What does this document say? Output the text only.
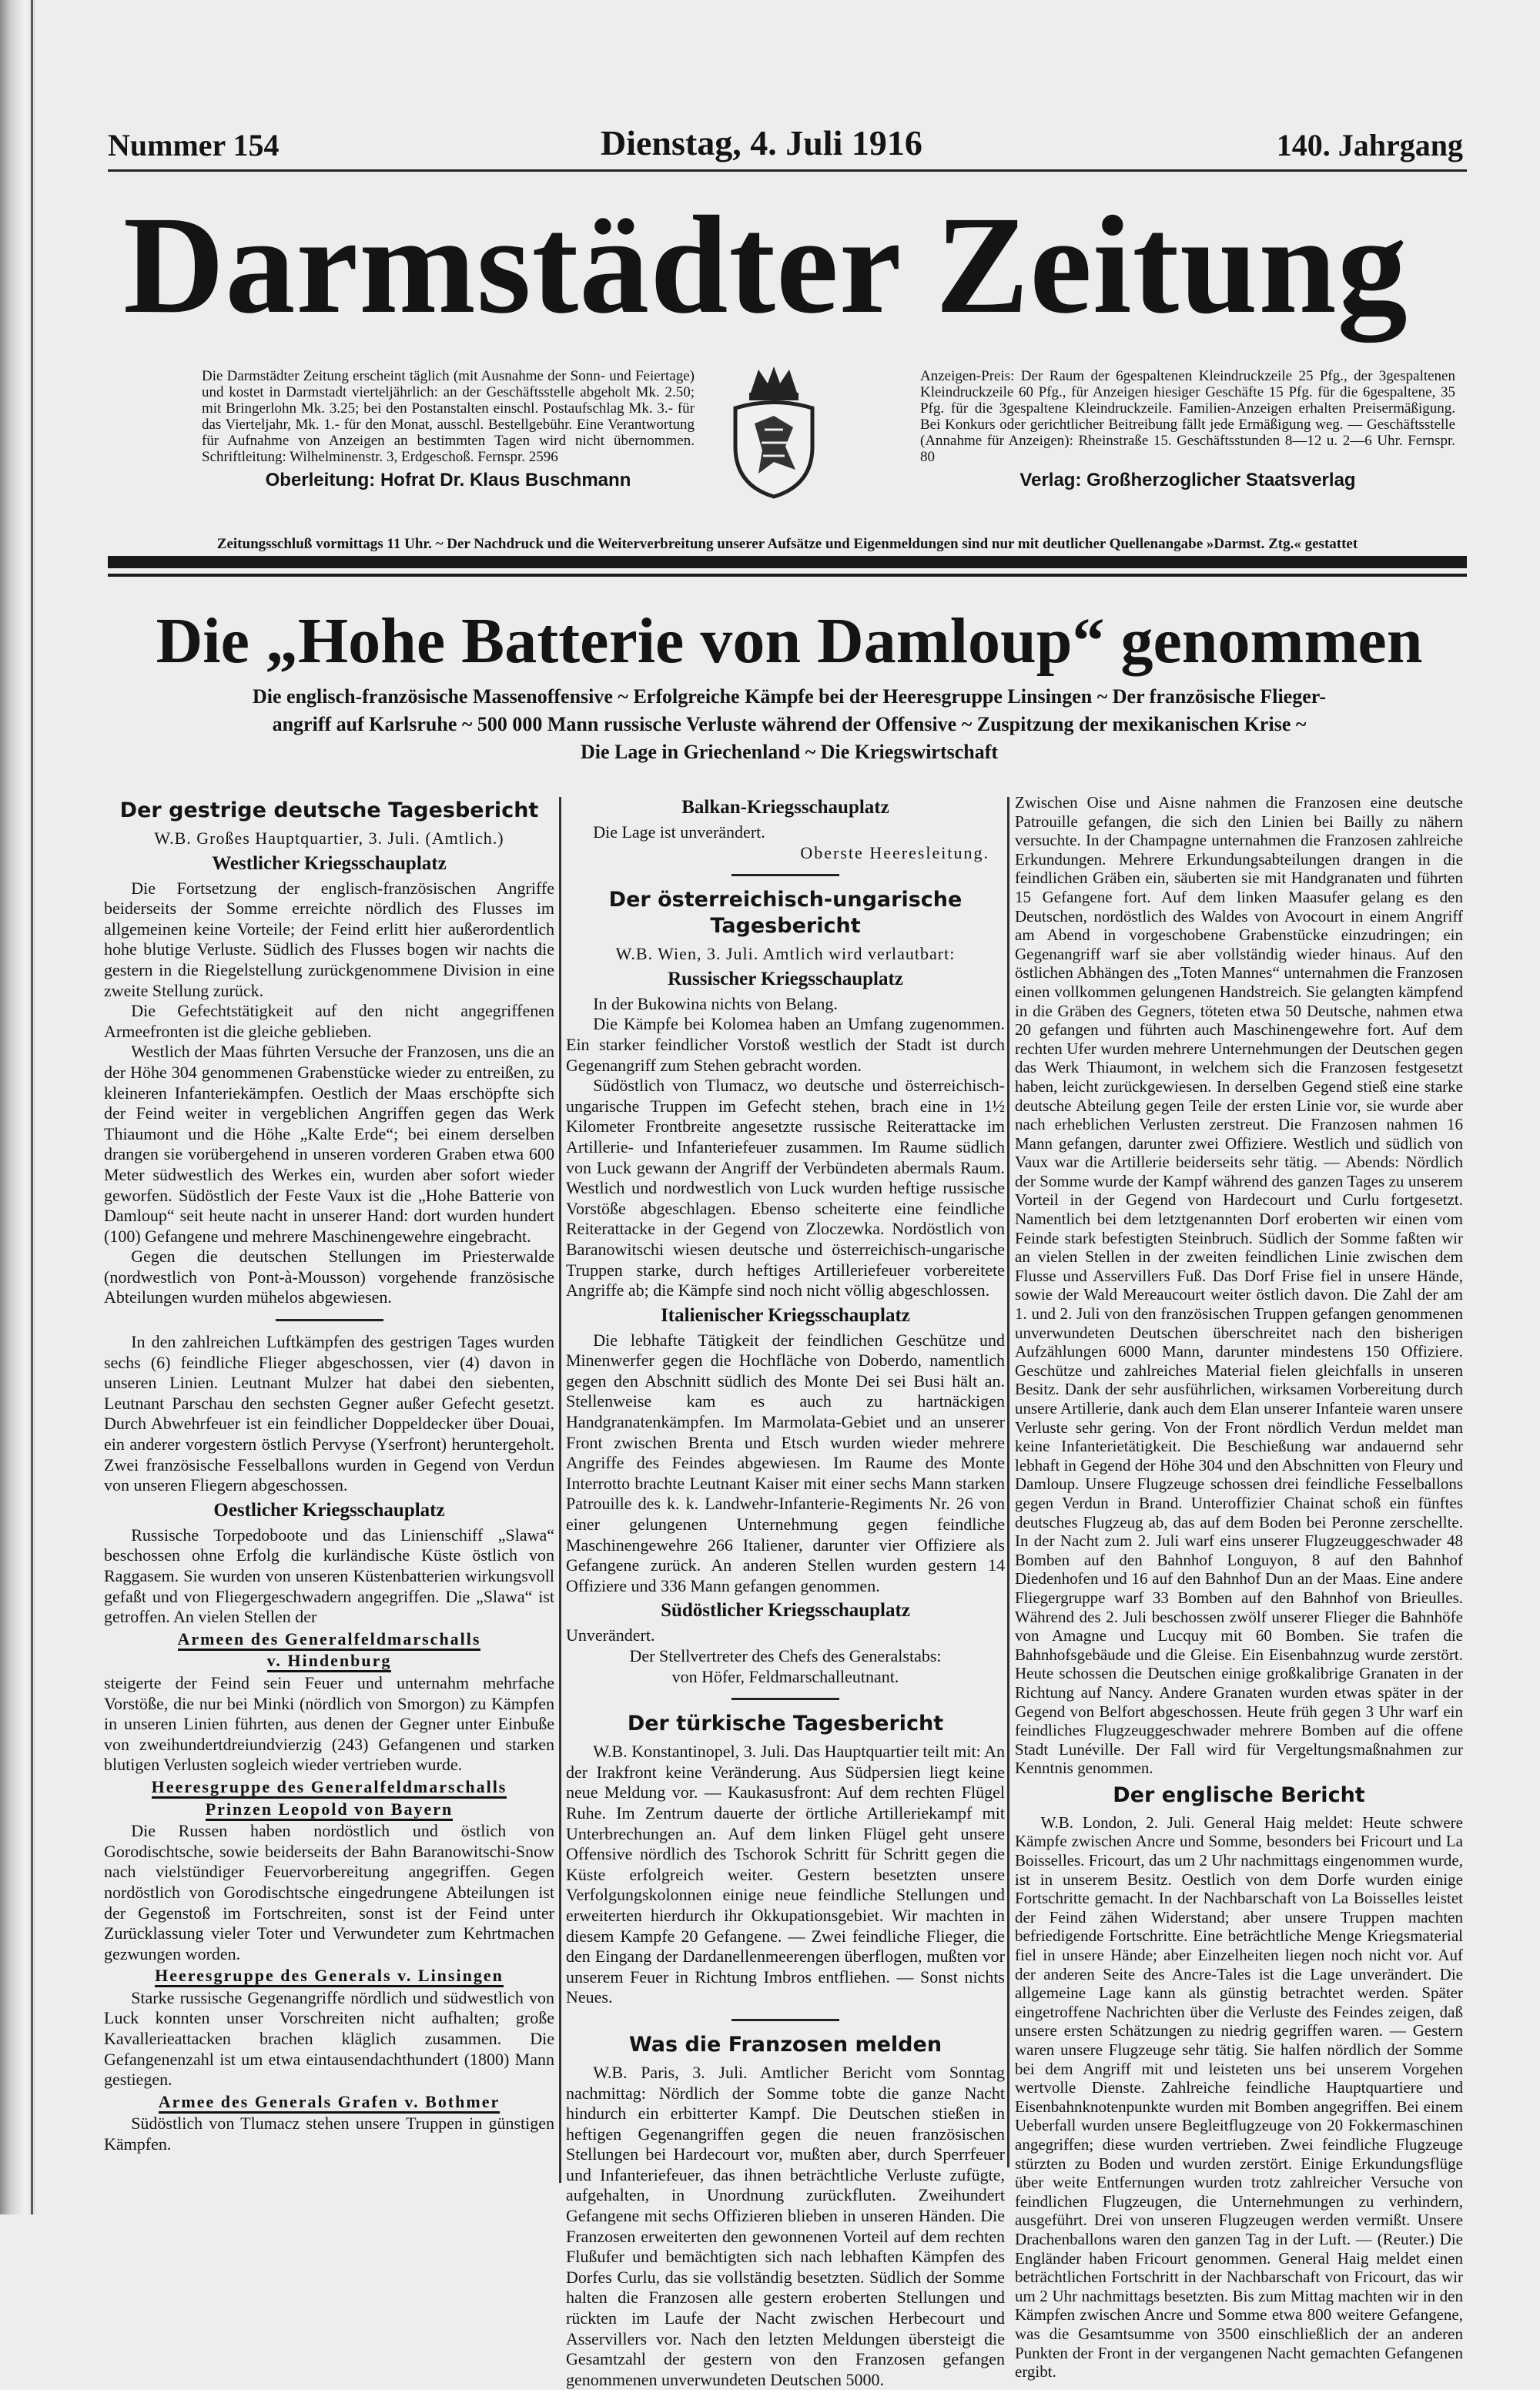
Nummer 154	Dienstag, 4. Juli 1916	140. Jahrgang
Darmstädter Zeitung
Die Darmstädter Zeitung erscheint täglich (mit Ausnahme der Sonn- und Feiertage) und kostet in Darmstadt vierteljährlich: an der Geschäftsstelle abgeholt Mk. 2.50; mit Bringerlohn Mk. 3.25; bei den Postanstalten einschl. Postaufschlag Mk. 3.- für das Vierteljahr, Mk. 1.- für den Monat, ausschl. Bestellgebühr. Eine Verantwortung für Aufnahme von Anzeigen an bestimmten Tagen wird nicht übernommen. Schriftleitung: Wilhelminenstr. 3, Erdgeschoß. Fernspr. 2596
Oberleitung: Hofrat Dr. Klaus Buschmann
Anzeigen-Preis: Der Raum der 6gespaltenen Kleindruckzeile 25 Pfg., der 3gespaltenen Kleindruckzeile 60 Pfg., für Anzeigen hiesiger Geschäfte 15 Pfg. für die 6gespaltene, 35 Pfg. für die 3gespaltene Kleindruckzeile. Familien-Anzeigen erhalten Preisermäßigung. Bei Konkurs oder gerichtlicher Beitreibung fällt jede Ermäßigung weg. — Geschäftsstelle (Annahme für Anzeigen): Rheinstraße 15. Geschäftsstunden 8—12 u. 2—6 Uhr. Fernspr. 80
Verlag: Großherzoglicher Staatsverlag
Zeitungsschluß vormittags 11 Uhr. ~ Der Nachdruck und die Weiterverbreitung unserer Aufsätze und Eigenmeldungen sind nur mit deutlicher Quellenangabe »Darmst. Ztg.« gestattet
Die „Hohe Batterie von Damloup“ genommen
Die englisch-französische Massenoffensive ~ Erfolgreiche Kämpfe bei der Heeresgruppe Linsingen ~ Der französische Flieger-
angriff auf Karlsruhe ~ 500 000 Mann russische Verluste während der Offensive ~ Zuspitzung der mexikanischen Krise ~
Die Lage in Griechenland ~ Die Kriegswirtschaft
Der gestrige deutsche Tagesbericht
W.B. Großes Hauptquartier, 3. Juli. (Amtlich.)
Westlicher Kriegsschauplatz

Die Fortsetzung der englisch-französischen Angriffe beiderseits der Somme erreichte nördlich des Flusses im allgemeinen keine Vorteile; der Feind erlitt hier außerordentlich hohe blutige Verluste. Südlich des Flusses bogen wir nachts die gestern in die Riegelstellung zurückgenommene Division in eine zweite Stellung zurück.

Die Gefechtstätigkeit auf den nicht angegriffenen Armeefronten ist die gleiche geblieben.

Westlich der Maas führten Versuche der Franzosen, uns die an der Höhe 304 genommenen Grabenstücke wieder zu entreißen, zu kleineren Infanteriekämpfen. Oestlich der Maas erschöpfte sich der Feind weiter in vergeblichen Angriffen gegen das Werk Thiaumont und die Höhe „Kalte Erde“; bei einem derselben drangen sie vorübergehend in unseren vorderen Graben etwa 600 Meter südwestlich des Werkes ein, wurden aber sofort wieder geworfen. Südöstlich der Feste Vaux ist die „Hohe Batterie von Damloup“ seit heute nacht in unserer Hand: dort wurden hundert (100) Gefangene und mehrere Maschinengewehre eingebracht.

Gegen die deutschen Stellungen im Priesterwalde (nordwestlich von Pont-à-Mousson) vorgehende französische Abteilungen wurden mühelos abgewiesen.

In den zahlreichen Luftkämpfen des gestrigen Tages wurden sechs (6) feindliche Flieger abgeschossen, vier (4) davon in unseren Linien. Leutnant Mulzer hat dabei den siebenten, Leutnant Parschau den sechsten Gegner außer Gefecht gesetzt. Durch Abwehrfeuer ist ein feindlicher Doppeldecker über Douai, ein anderer vorgestern östlich Pervyse (Yserfront) heruntergeholt. Zwei französische Fesselballons wurden in Gegend von Verdun von unseren Fliegern abgeschossen.

Oestlicher Kriegsschauplatz

Russische Torpedoboote und das Linienschiff „Slawa“ beschossen ohne Erfolg die kurländische Küste östlich von Raggasem. Sie wurden von unseren Küstenbatterien wirkungsvoll gefaßt und von Fliegergeschwadern angegriffen. Die „Slawa“ ist getroffen. An vielen Stellen der

Armeen des Generalfeldmarschalls
v. Hindenburg

steigerte der Feind sein Feuer und unternahm mehrfache Vorstöße, die nur bei Minki (nördlich von Smorgon) zu Kämpfen in unseren Linien führten, aus denen der Gegner unter Einbuße von zweihundertdreiundvierzig (243) Gefangenen und starken blutigen Verlusten sogleich wieder vertrieben wurde.

Heeresgruppe des Generalfeldmarschalls
Prinzen Leopold von Bayern

Die Russen haben nordöstlich und östlich von Gorodischtsche, sowie beiderseits der Bahn Baranowitschi-Snow nach vielstündiger Feuervorbereitung angegriffen. Gegen nordöstlich von Gorodischtsche eingedrungene Abteilungen ist der Gegenstoß im Fortschreiten, sonst ist der Feind unter Zurücklassung vieler Toter und Verwundeter zum Kehrtmachen gezwungen worden.

Heeresgruppe des Generals v. Linsingen

Starke russische Gegenangriffe nördlich und südwestlich von Luck konnten unser Vorschreiten nicht aufhalten; große Kavallerieattacken brachen kläglich zusammen. Die Gefangenenzahl ist um etwa eintausendachthundert (1800) Mann gestiegen.

Armee des Generals Grafen v. Bothmer

Südöstlich von Tlumacz stehen unsere Truppen in günstigen Kämpfen.

Balkan-Kriegsschauplatz

Die Lage ist unverändert.

Oberste Heeresleitung.
Der österreichisch-ungarische Tagesbericht
W.B. Wien, 3. Juli. Amtlich wird verlautbart:
Russischer Kriegsschauplatz

In der Bukowina nichts von Belang.

Die Kämpfe bei Kolomea haben an Umfang zugenommen. Ein starker feindlicher Vorstoß westlich der Stadt ist durch Gegenangriff zum Stehen gebracht worden.

Südöstlich von Tlumacz, wo deutsche und österreichisch-ungarische Truppen im Gefecht stehen, brach eine in 1½ Kilometer Frontbreite angesetzte russische Reiterattacke im Artillerie- und Infanteriefeuer zusammen. Im Raume südlich von Luck gewann der Angriff der Verbündeten abermals Raum. Westlich und nordwestlich von Luck wurden heftige russische Vorstöße abgeschlagen. Ebenso scheiterte eine feindliche Reiterattacke in der Gegend von Zloczewka. Nordöstlich von Baranowitschi wiesen deutsche und österreichisch-ungarische Truppen starke, durch heftiges Artilleriefeuer vorbereitete Angriffe ab; die Kämpfe sind noch nicht völlig abgeschlossen.

Italienischer Kriegsschauplatz

Die lebhafte Tätigkeit der feindlichen Geschütze und Minenwerfer gegen die Hochfläche von Doberdo, namentlich gegen den Abschnitt südlich des Monte Dei sei Busi hält an. Stellenweise kam es auch zu hartnäckigen Handgranatenkämpfen. Im Marmolata-Gebiet und an unserer Front zwischen Brenta und Etsch wurden wieder mehrere Angriffe des Feindes abgewiesen. Im Raume des Monte Interrotto brachte Leutnant Kaiser mit einer sechs Mann starken Patrouille des k. k. Landwehr-Infanterie-Regiments Nr. 26 von einer gelungenen Unternehmung gegen feindliche Maschinengewehre 266 Italiener, darunter vier Offiziere als Gefangene zurück. An anderen Stellen wurden gestern 14 Offiziere und 336 Mann gefangen genommen.

Südöstlicher Kriegsschauplatz

Unverändert.

Der Stellvertreter des Chefs des Generalstabs:
von Höfer, Feldmarschalleutnant.
Der türkische Tagesbericht

W.B. Konstantinopel, 3. Juli. Das Hauptquartier teilt mit: An der Irakfront keine Veränderung. Aus Südpersien liegt keine neue Meldung vor. — Kaukasusfront: Auf dem rechten Flügel Ruhe. Im Zentrum dauerte der örtliche Artilleriekampf mit Unterbrechungen an. Auf dem linken Flügel geht unsere Offensive nördlich des Tschorok Schritt für Schritt gegen die Küste erfolgreich weiter. Gestern besetzten unsere Verfolgungskolonnen einige neue feindliche Stellungen und erweiterten hierdurch ihr Okkupationsgebiet. Wir machten in diesem Kampfe 20 Gefangene. — Zwei feindliche Flieger, die den Eingang der Dardanellenmeerengen überflogen, mußten vor unserem Feuer in Richtung Imbros entfliehen. — Sonst nichts Neues.

Was die Franzosen melden

W.B. Paris, 3. Juli. Amtlicher Bericht vom Sonntag nachmittag: Nördlich der Somme tobte die ganze Nacht hindurch ein erbitterter Kampf. Die Deutschen stießen in heftigen Gegenangriffen gegen die neuen französischen Stellungen bei Hardecourt vor, mußten aber, durch Sperrfeuer und Infanteriefeuer, das ihnen beträchtliche Verluste zufügte, aufgehalten, in Unordnung zurückfluten. Zweihundert Gefangene mit sechs Offizieren blieben in unseren Händen. Die Franzosen erweiterten den gewonnenen Vorteil auf dem rechten Flußufer und bemächtigten sich nach lebhaften Kämpfen des Dorfes Curlu, das sie vollständig besetzten. Südlich der Somme halten die Franzosen alle gestern eroberten Stellungen und rückten im Laufe der Nacht zwischen Herbecourt und Asservillers vor. Nach den letzten Meldungen übersteigt die Gesamtzahl der gestern von den Franzosen gefangen genommenen unverwundeten Deutschen 5000.

Zwischen Oise und Aisne nahmen die Franzosen eine deutsche Patrouille gefangen, die sich den Linien bei Bailly zu nähern versuchte. In der Champagne unternahmen die Franzosen zahlreiche Erkundungen. Mehrere Erkundungsabteilungen drangen in die feindlichen Gräben ein, säuberten sie mit Handgranaten und führten 15 Gefangene fort. Auf dem linken Maasufer gelang es den Deutschen, nordöstlich des Waldes von Avocourt in einem Angriff am Abend in vorgeschobene Grabenstücke einzudringen; ein Gegenangriff warf sie aber vollständig wieder hinaus. Auf den östlichen Abhängen des „Toten Mannes“ unternahmen die Franzosen einen vollkommen gelungenen Handstreich. Sie gelangten kämpfend in die Gräben des Gegners, töteten etwa 50 Deutsche, nahmen etwa 20 gefangen und führten auch Maschinengewehre fort. Auf dem rechten Ufer wurden mehrere Unternehmungen der Deutschen gegen das Werk Thiaumont, in welchem sich die Franzosen festgesetzt haben, leicht zurückgewiesen. In derselben Gegend stieß eine starke deutsche Abteilung gegen Teile der ersten Linie vor, sie wurde aber nach erheblichen Verlusten zerstreut. Die Franzosen nahmen 16 Mann gefangen, darunter zwei Offiziere. Westlich und südlich von Vaux war die Artillerie beiderseits sehr tätig. — Abends: Nördlich der Somme wurde der Kampf während des ganzen Tages zu unserem Vorteil in der Gegend von Hardecourt und Curlu fortgesetzt. Namentlich bei dem letztgenannten Dorf eroberten wir einen vom Feinde stark befestigten Steinbruch. Südlich der Somme faßten wir an vielen Stellen in der zweiten feindlichen Linie zwischen dem Flusse und Asservillers Fuß. Das Dorf Frise fiel in unsere Hände, sowie der Wald Mereaucourt weiter östlich davon. Die Zahl der am 1. und 2. Juli von den französischen Truppen gefangen genommenen unverwundeten Deutschen überschreitet nach den bisherigen Aufzählungen 6000 Mann, darunter mindestens 150 Offiziere. Geschütze und zahlreiches Material fielen gleichfalls in unseren Besitz. Dank der sehr ausführlichen, wirksamen Vorbereitung durch unsere Artillerie, dank auch dem Elan unserer Infanteie waren unsere Verluste sehr gering. Von der Front nördlich Verdun meldet man keine Infanterietätigkeit. Die Beschießung war andauernd sehr lebhaft in Gegend der Höhe 304 und den Abschnitten von Fleury und Damloup. Unsere Flugzeuge schossen drei feindliche Fesselballons gegen Verdun in Brand. Unteroffizier Chainat schoß ein fünftes deutsches Flugzeug ab, das auf dem Boden bei Peronne zerschellte. In der Nacht zum 2. Juli warf eins unserer Flugzeuggeschwader 48 Bomben auf den Bahnhof Longuyon, 8 auf den Bahnhof Diedenhofen und 16 auf den Bahnhof Dun an der Maas. Eine andere Fliegergruppe warf 33 Bomben auf den Bahnhof von Brieulles. Während des 2. Juli beschossen zwölf unserer Flieger die Bahnhöfe von Amagne und Lucquy mit 60 Bomben. Sie trafen die Bahnhofsgebäude und die Gleise. Ein Eisenbahnzug wurde zerstört. Heute schossen die Deutschen einige großkalibrige Granaten in der Richtung auf Nancy. Andere Granaten wurden etwas später in der Gegend von Belfort abgeschossen. Heute früh gegen 3 Uhr warf ein feindliches Flugzeuggeschwader mehrere Bomben auf die offene Stadt Lunéville. Der Fall wird für Vergeltungsmaßnahmen zur Kenntnis genommen.

Der englische Bericht

W.B. London, 2. Juli. General Haig meldet: Heute schwere Kämpfe zwischen Ancre und Somme, besonders bei Fricourt und La Boisselles. Fricourt, das um 2 Uhr nachmittags eingenommen wurde, ist in unserem Besitz. Oestlich von dem Dorfe wurden einige Fortschritte gemacht. In der Nachbarschaft von La Boisselles leistet der Feind zähen Widerstand; aber unsere Truppen machten befriedigende Fortschritte. Eine beträchtliche Menge Kriegsmaterial fiel in unsere Hände; aber Einzelheiten liegen noch nicht vor. Auf der anderen Seite des Ancre-Tales ist die Lage unverändert. Die allgemeine Lage kann als günstig betrachtet werden. Später eingetroffene Nachrichten über die Verluste des Feindes zeigen, daß unsere ersten Schätzungen zu niedrig gegriffen waren. — Gestern waren unsere Flugzeuge sehr tätig. Sie halfen nördlich der Somme bei dem Angriff mit und leisteten uns bei unserem Vorgehen wertvolle Dienste. Zahlreiche feindliche Hauptquartiere und Eisenbahnknotenpunkte wurden mit Bomben angegriffen. Bei einem Ueberfall wurden unsere Begleitflugzeuge von 20 Fokkermaschinen angegriffen; diese wurden vertrieben. Zwei feindliche Flugzeuge stürzten zu Boden und wurden zerstört. Einige Erkundungsflüge über weite Entfernungen wurden trotz zahlreicher Versuche von feindlichen Flugzeugen, die Unternehmungen zu verhindern, ausgeführt. Drei von unseren Flugzeugen werden vermißt. Unsere Drachenballons waren den ganzen Tag in der Luft. — (Reuter.) Die Engländer haben Fricourt genommen. General Haig meldet einen beträchtlichen Fortschritt in der Nachbarschaft von Fricourt, das wir um 2 Uhr nachmittags besetzten. Bis zum Mittag machten wir in den Kämpfen zwischen Ancre und Somme etwa 800 weitere Gefangene, was die Gesamtsumme von 3500 einschließlich der an anderen Punkten der Front in der vergangenen Nacht gemachten Gefangenen ergibt.
